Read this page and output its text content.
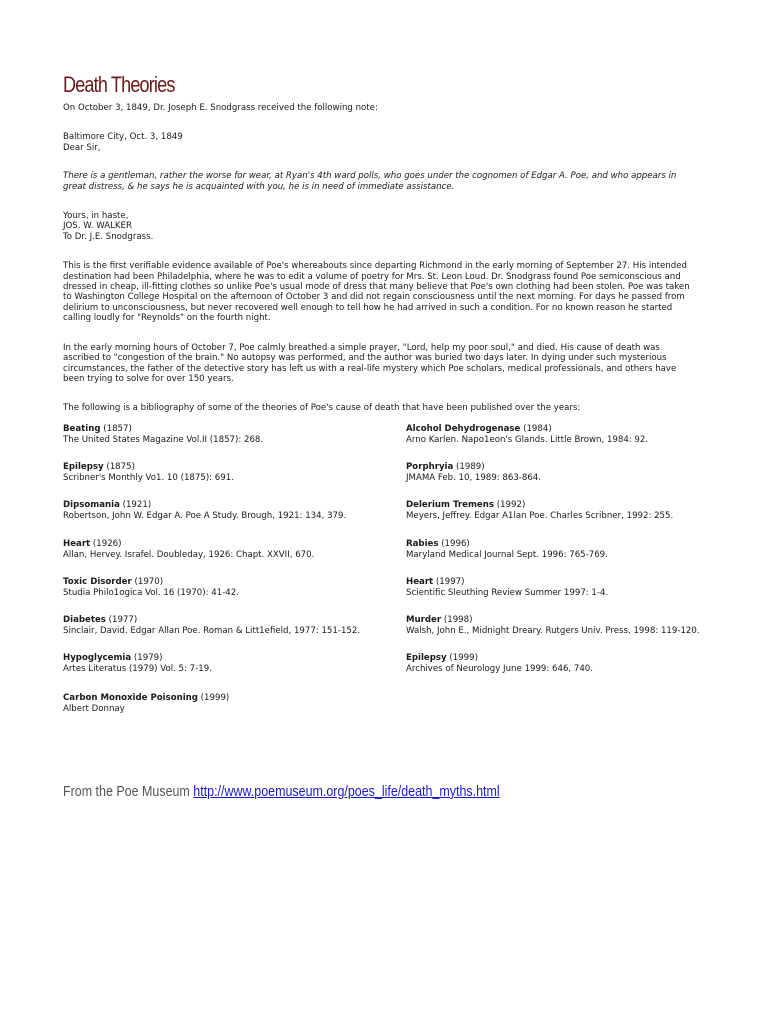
Death Theories

On October 3, 1849, Dr. Joseph E. Snodgrass received the following note:

Baltimore City, Oct. 3, 1849

Dear Sir,

There is a gentleman, rather the worse for wear, at Ryan's 4th ward polls, who goes under the cognomen of Edgar A. Poe, and who appears in great distress, & he says he is acquainted with you, he is in need of immediate assistance.

Yours, in haste,

JOS. W. WALKER

To Dr. J.E. Snodgrass.

This is the first verifiable evidence available of Poe's whereabouts since departing Richmond in the early morning of September 27. His intended destination had been Philadelphia, where he was to edit a volume of poetry for Mrs. St. Leon Loud. Dr. Snodgrass found Poe semiconscious and dressed in cheap, ill-fitting clothes so unlike Poe's usual mode of dress that many believe that Poe's own clothing had been stolen. Poe was taken to Washington College Hospital on the afternoon of October 3 and did not regain consciousness until the next morning. For days he passed from delirium to unconsciousness, but never recovered well enough to tell how he had arrived in such a condition. For no known reason he started calling loudly for "Reynolds" on the fourth night.

In the early morning hours of October 7, Poe calmly breathed a simple prayer, "Lord, help my poor soul," and died. His cause of death was ascribed to "congestion of the brain." No autopsy was performed, and the author was buried two days later. In dying under such mysterious circumstances, the father of the detective story has left us with a real-life mystery which Poe scholars, medical professionals, and others have been trying to solve for over 150 years.

The following is a bibliography of some of the theories of Poe's cause of death that have been published over the years:

Beating (1857)
The United States Magazine Vol.II (1857): 268.
Epilepsy (1875)
Scribner's Monthly Vo1. 10 (1875): 691.
Dipsomania (1921)
Robertson, John W. Edgar A. Poe A Study. Brough, 1921: 134, 379.
Heart (1926)
Allan, Hervey. Israfel. Doubleday, 1926: Chapt. XXVII, 670.
Toxic Disorder (1970)
Studia Philo1ogica Vol. 16 (1970): 41-42.
Diabetes (1977)
Sinclair, David. Edgar Allan Poe. Roman & Litt1efield, 1977: 151-152.
Hypoglycemia (1979)
Artes Literatus (1979) Vol. 5: 7-19.
Carbon Monoxide Poisoning (1999)
Albert Donnay
Alcohol Dehydrogenase (1984)
Arno Karlen. Napo1eon's Glands. Little Brown, 1984: 92.
Porphryia (1989)
JMAMA Feb. 10, 1989: 863-864.
Delerium Tremens (1992)
Meyers, Jeffrey. Edgar A1lan Poe. Charles Scribner, 1992: 255.
Rabies (1996)
Maryland Medical Journal Sept. 1996: 765-769.
Heart (1997)
Scientific Sleuthing Review Summer 1997: 1-4.
Murder (1998)
Walsh, John E., Midnight Dreary. Rutgers Univ. Press, 1998: 119-120.
Epilepsy (1999)
Archives of Neurology June 1999: 646, 740.
From the Poe Museum http://www.poemuseum.org/poes_life/death_myths.html
